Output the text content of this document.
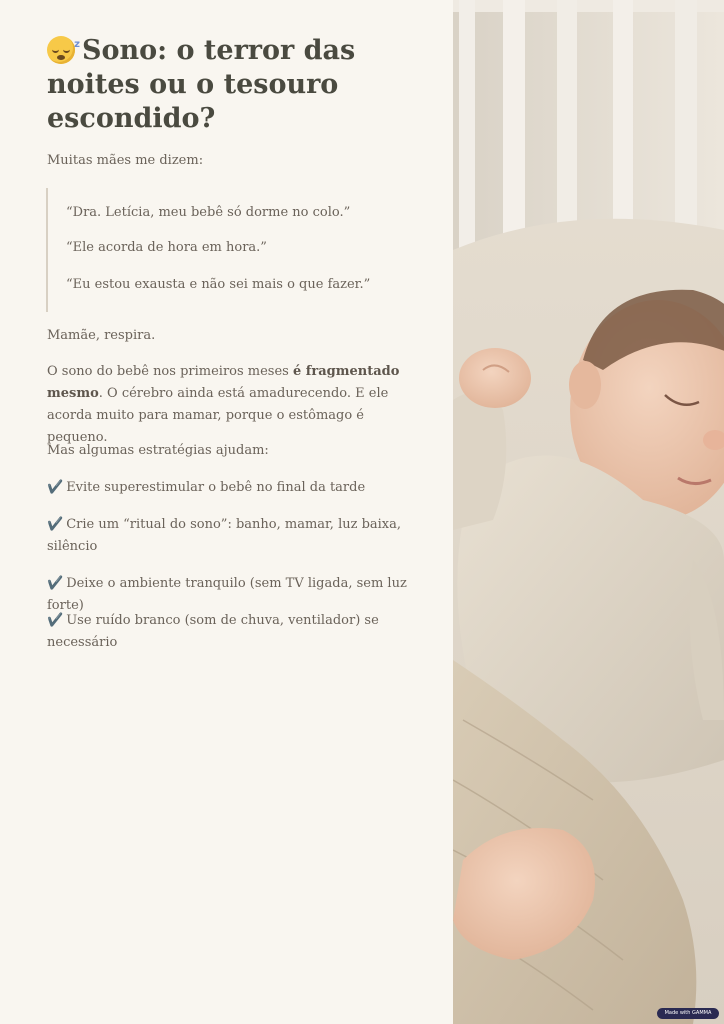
z Sono: o terror das noites ou o tesouro escondido?

Muitas mães me dizem:

“Dra. Letícia, meu bebê só dorme no colo.”

“Ele acorda de hora em hora.”

“Eu estou exausta e não sei mais o que fazer.”

Mamãe, respira.

O sono do bebê nos primeiros meses é fragmentado mesmo. O cérebro ainda está amadurecendo. E ele acorda muito para mamar, porque o estômago é pequeno.

Mas algumas estratégias ajudam:

✔️ Evite superestimular o bebê no final da tarde

✔️ Crie um “ritual do sono”: banho, mamar, luz baixa, silêncio

✔️ Deixe o ambiente tranquilo (sem TV ligada, sem luz forte)

✔️ Use ruído branco (som de chuva, ventilador) se necessário

Made with GAMMA
